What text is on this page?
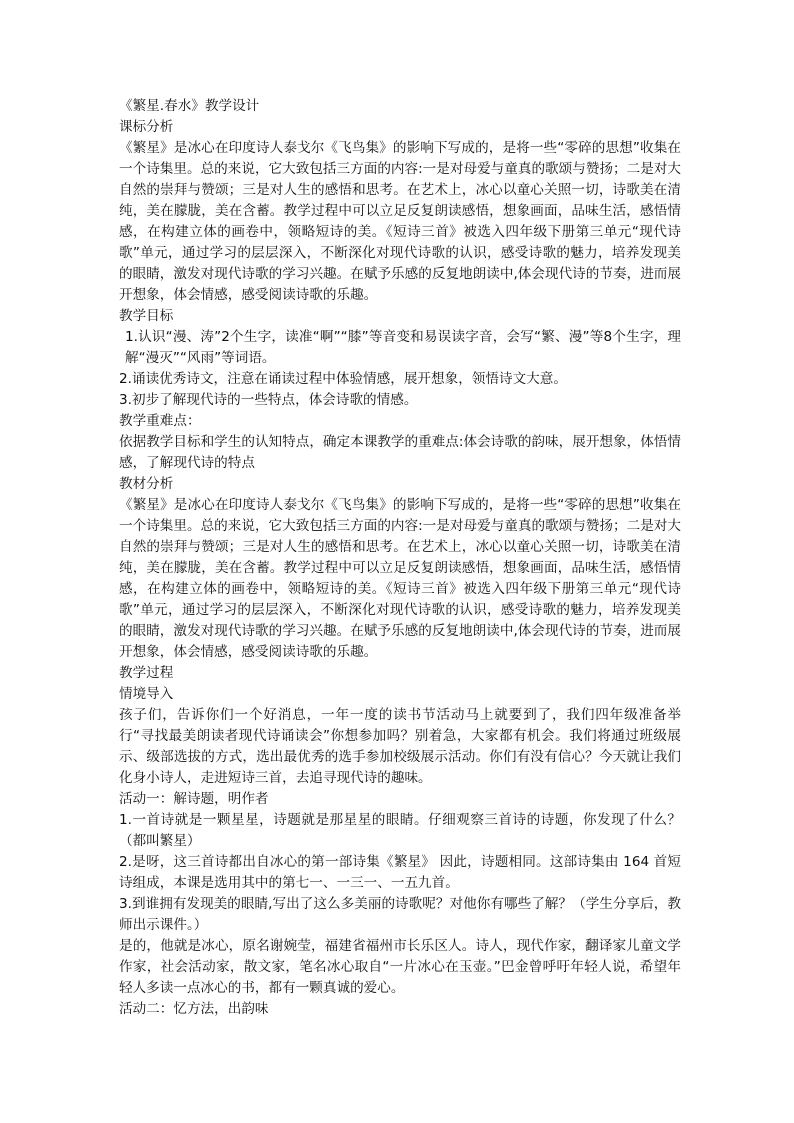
《繁星.春水》教学设计

课标分析

《繁星》是冰心在印度诗人泰戈尔《飞鸟集》的影响下写成的，是将一些“零碎的思想”收集在一个诗集里。总的来说，它大致包括三方面的内容:一是对母爱与童真的歌颂与赞扬；二是对大自然的崇拜与赞颂；三是对人生的感悟和思考。在艺术上，冰心以童心关照一切，诗歌美在清纯，美在朦胧，美在含蓄。教学过程中可以立足反复朗读感悟，想象画面，品味生活，感悟情感，在构建立体的画卷中，领略短诗的美。《短诗三首》被选入四年级下册第三单元“现代诗歌”单元，通过学习的层层深入，不断深化对现代诗歌的认识，感受诗歌的魅力，培养发现美的眼睛，激发对现代诗歌的学习兴趣。在赋予乐感的反复地朗读中,体会现代诗的节奏，进而展开想象，体会情感，感受阅读诗歌的乐趣。

教学目标

1.认识“漫、涛”2个生字，读准“啊”“膝”等音变和易误读字音，会写“繁、漫”等8个生字，理解“漫灭”“风雨”等词语。

2.诵读优秀诗文，注意在诵读过程中体验情感，展开想象，领悟诗文大意。

3.初步了解现代诗的一些特点，体会诗歌的情感。

教学重难点：

依据教学目标和学生的认知特点，确定本课教学的重难点:体会诗歌的韵味，展开想象，体悟情感，了解现代诗的特点

教材分析

《繁星》是冰心在印度诗人泰戈尔《飞鸟集》的影响下写成的，是将一些“零碎的思想”收集在一个诗集里。总的来说，它大致包括三方面的内容:一是对母爱与童真的歌颂与赞扬；二是对大自然的崇拜与赞颂；三是对人生的感悟和思考。在艺术上，冰心以童心关照一切，诗歌美在清纯，美在朦胧，美在含蓄。教学过程中可以立足反复朗读感悟，想象画面，品味生活，感悟情感，在构建立体的画卷中，领略短诗的美。《短诗三首》被选入四年级下册第三单元“现代诗歌”单元，通过学习的层层深入，不断深化对现代诗歌的认识，感受诗歌的魅力，培养发现美的眼睛，激发对现代诗歌的学习兴趣。在赋予乐感的反复地朗读中,体会现代诗的节奏，进而展开想象，体会情感，感受阅读诗歌的乐趣。

教学过程

情境导入

孩子们，告诉你们一个好消息，一年一度的读书节活动马上就要到了，我们四年级准备举行“寻找最美朗读者现代诗诵读会”你想参加吗？别着急，大家都有机会。我们将通过班级展示、级部选拔的方式，选出最优秀的选手参加校级展示活动。你们有没有信心？今天就让我们化身小诗人，走进短诗三首，去追寻现代诗的趣味。

活动一：解诗题，明作者

1.一首诗就是一颗星星，诗题就是那星星的眼睛。仔细观察三首诗的诗题，你发现了什么？（都叫繁星）

2.是呀，这三首诗都出自冰心的第一部诗集《繁星》 因此，诗题相同。这部诗集由 164 首短诗组成，本课是选用其中的第七一、一三一、一五九首。

3.到谁拥有发现美的眼睛,写出了这么多美丽的诗歌呢？对他你有哪些了解？（学生分享后，教师出示课件。）

是的，他就是冰心，原名谢婉莹，福建省福州市长乐区人。诗人，现代作家，翻译家儿童文学作家，社会活动家，散文家，笔名冰心取自“一片冰心在玉壶。”巴金曾呼吁年轻人说，希望年轻人多读一点冰心的书，都有一颗真诚的爱心。

活动二：忆方法，出韵味
